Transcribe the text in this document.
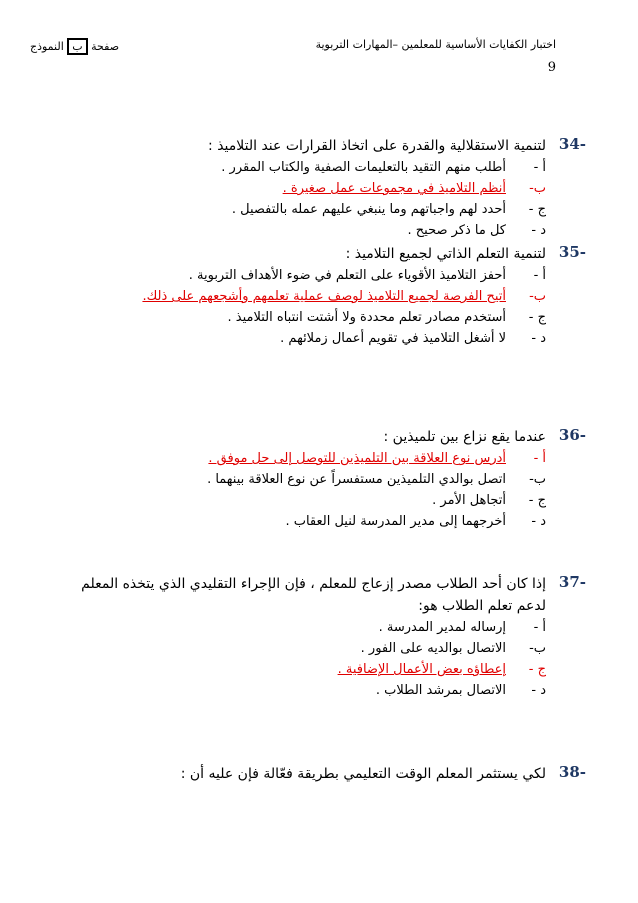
صفحة ب النموذج	اختبار الكفايات الأساسية للمعلمين –المهارات التربوية
9
34-
لتنمية الاستقلالية والقدرة على اتخاذ القرارات عند التلاميذ :
أ -
أطلب منهم التقيد بالتعليمات الصفية والكتاب المقرر .
ب-
أنظم التلاميذ في مجموعات عمل صغيرة .
ج -
أحدد لهم واجباتهم وما ينبغي عليهم عمله بالتفصيل .
د -
كل ما ذكر صحيح .
35-
لتنمية التعلم الذاتي لجميع التلاميذ :
أ -
أحفز التلاميذ الأقوياء على التعلم في ضوء الأهداف التربوية .
ب-
أتيح الفرصة لجميع التلاميذ لوصف عملية تعلمهم وأشجعهم على ذلك.
ج -
أستخدم مصادر تعلم محددة ولا أشتت انتباه التلاميذ .
د -
لا أشغل التلاميذ في تقويم أعمال زملائهم .
36-
عندما يقع نزاع بين تلميذين :
أ -
أدرس نوع العلاقة بين التلميذين للتوصل إلى حل موفق .
ب-
اتصل بوالدي التلميذين مستفسراً عن نوع العلاقة بينهما .
ج -
أتجاهل الأمر .
د -
أخرجهما إلى مدير المدرسة لنيل العقاب .
37-
إذا كان أحد الطلاب مصدر إزعاج للمعلم ، فإن الإجراء التقليدي الذي يتخذه المعلم لدعم تعلم الطلاب هو:
أ -
إرساله لمدير المدرسة .
ب-
الاتصال بوالديه على الفور .
ج -
إعطاؤه بعض الأعمال الإضافية .
د -
الاتصال بمرشد الطلاب .
38-
لكي يستثمر المعلم الوقت التعليمي بطريقة فعّالة فإن عليه أن :
